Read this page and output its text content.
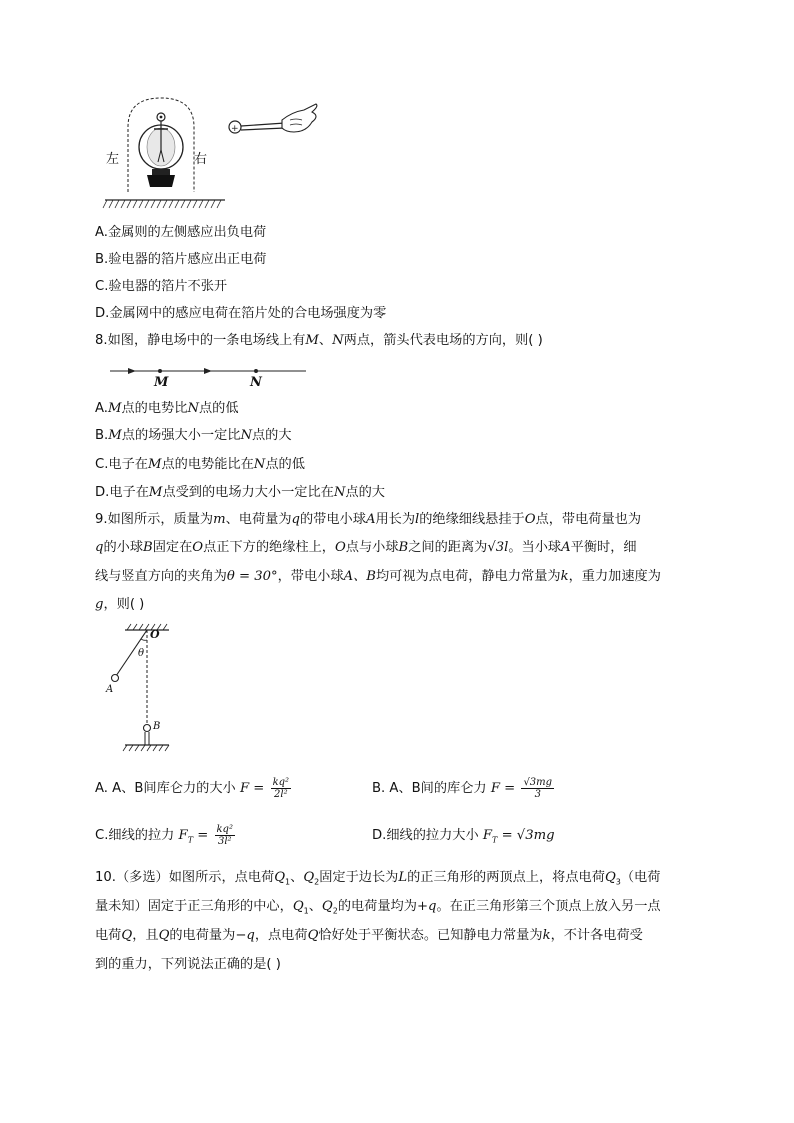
+
左	右
A.金属则的左侧感应出负电荷
B.验电器的箔片感应出正电荷
C.验电器的箔片不张开
D.金属网中的感应电荷在箔片处的合电场强度为零
8.如图，静电场中的一条电场线上有M、N两点，箭头代表电场的方向，则( )
M	N
A.M点的电势比N点的低
B.M点的场强大小一定比N点的大
C.电子在M点的电势能比在N点的低
D.电子在M点受到的电场力大小一定比在N点的大
9.如图所示，质量为m、电荷量为q的带电小球A用长为l的绝缘细线悬挂于O点，带电荷量也为
q的小球B固定在O点正下方的绝缘柱上，O点与小球B之间的距离为√3l。当小球A平衡时，细
线与竖直方向的夹角为θ = 30°，带电小球A、B均可视为点电荷，静电力常量为k，重力加速度为
g，则( )
O
θ
A
B
A. A、B间库仑力的大小 $F = \frac{\text{kq²}}{\text{2l²}}$	B. A、B间的库仑力 $F = \frac{√3mg}{3}$
C.细线的拉力 $F_T = \frac{\text{kq²}}{\text{3l²}}$	D.细线的拉力大小 $F_T = √3mg$
10.（多选）如图所示，点电荷$Q_1$、$Q_2$固定于边长为L的正三角形的两顶点上，将点电荷$Q_3$（电荷
量未知）固定于正三角形的中心，$Q_1$、$Q_2$的电荷量均为+q。在正三角形第三个顶点上放入另一点
电荷Q，且Q的电荷量为−q，点电荷Q恰好处于平衡状态。已知静电力常量为k，不计各电荷受
到的重力，下列说法正确的是( )
